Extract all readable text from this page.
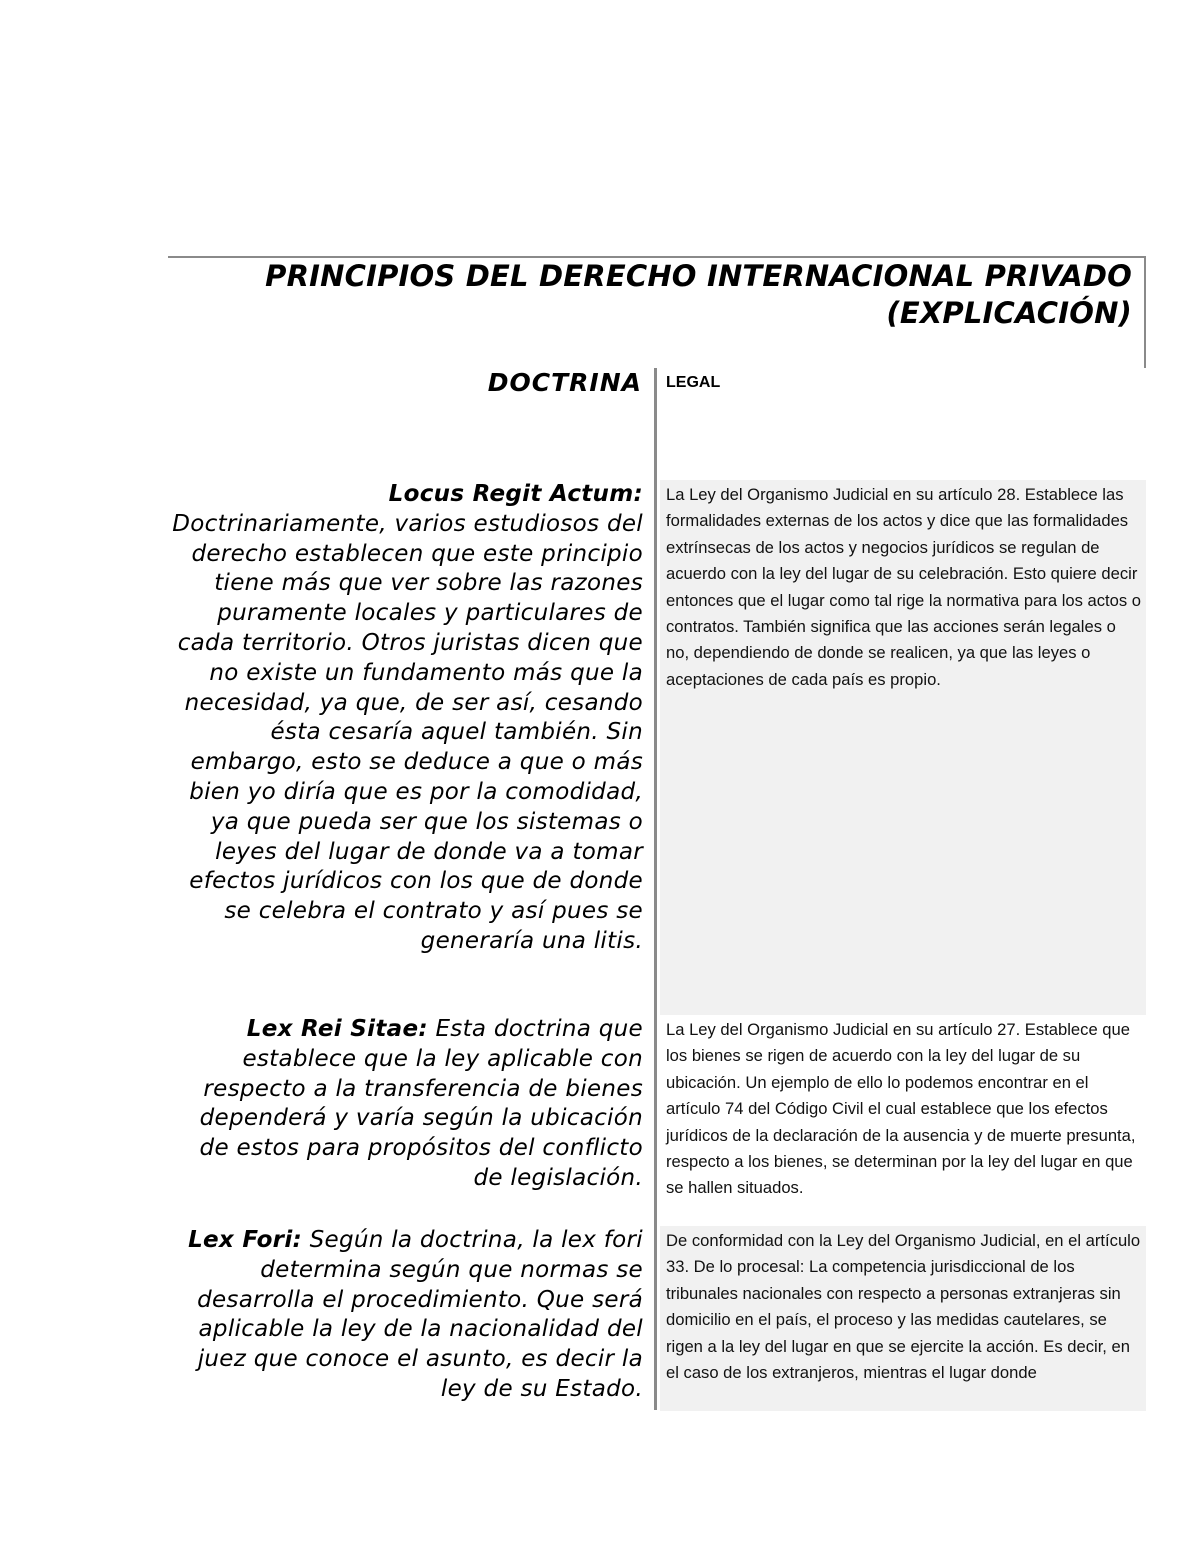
PRINCIPIOS DEL DERECHO INTERNACIONAL PRIVADO
(EXPLICACIÓN)
DOCTRINA LEGAL
Locus Regit Actum:
Doctrinariamente, varios estudiosos del derecho establecen que este principio tiene más que ver sobre las razones puramente locales y particulares de cada territorio. Otros juristas dicen que no existe un fundamento más que la necesidad, ya que, de ser así, cesando ésta cesaría aquel también. Sin embargo, esto se deduce a que o más bien yo diría que es por la comodidad, ya que pueda ser que los sistemas o leyes del lugar de donde va a tomar efectos jurídicos con los que de donde se celebra el contrato y así pues se generaría una litis.
La Ley del Organismo Judicial en su artículo 28. Establece las formalidades externas de los actos y dice que las formalidades extrínsecas de los actos y negocios jurídicos se regulan de acuerdo con la ley del lugar de su celebración. Esto quiere decir entonces que el lugar como tal rige la normativa para los actos o contratos. También significa que las acciones serán legales o no, dependiendo de donde se realicen, ya que las leyes o aceptaciones de cada país es propio.
Lex Rei Sitae: Esta doctrina que establece que la ley aplicable con respecto a la transferencia de bienes dependerá y varía según la ubicación de estos para propósitos del conflicto de legislación.
La Ley del Organismo Judicial en su artículo 27. Establece que los bienes se rigen de acuerdo con la ley del lugar de su ubicación. Un ejemplo de ello lo podemos encontrar en el artículo 74 del Código Civil el cual establece que los efectos jurídicos de la declaración de la ausencia y de muerte presunta, respecto a los bienes, se determinan por la ley del lugar en que se hallen situados.
Lex Fori: Según la doctrina, la lex fori determina según que normas se desarrolla el procedimiento. Que será aplicable la ley de la nacionalidad del juez que conoce el asunto, es decir la ley de su Estado.
De conformidad con la Ley del Organismo Judicial, en el artículo 33. De lo procesal: La competencia jurisdiccional de los tribunales nacionales con respecto a personas extranjeras sin domicilio en el país, el proceso y las medidas cautelares, se rigen a la ley del lugar en que se ejercite la acción. Es decir, en el caso de los extranjeros, mientras el lugar donde
